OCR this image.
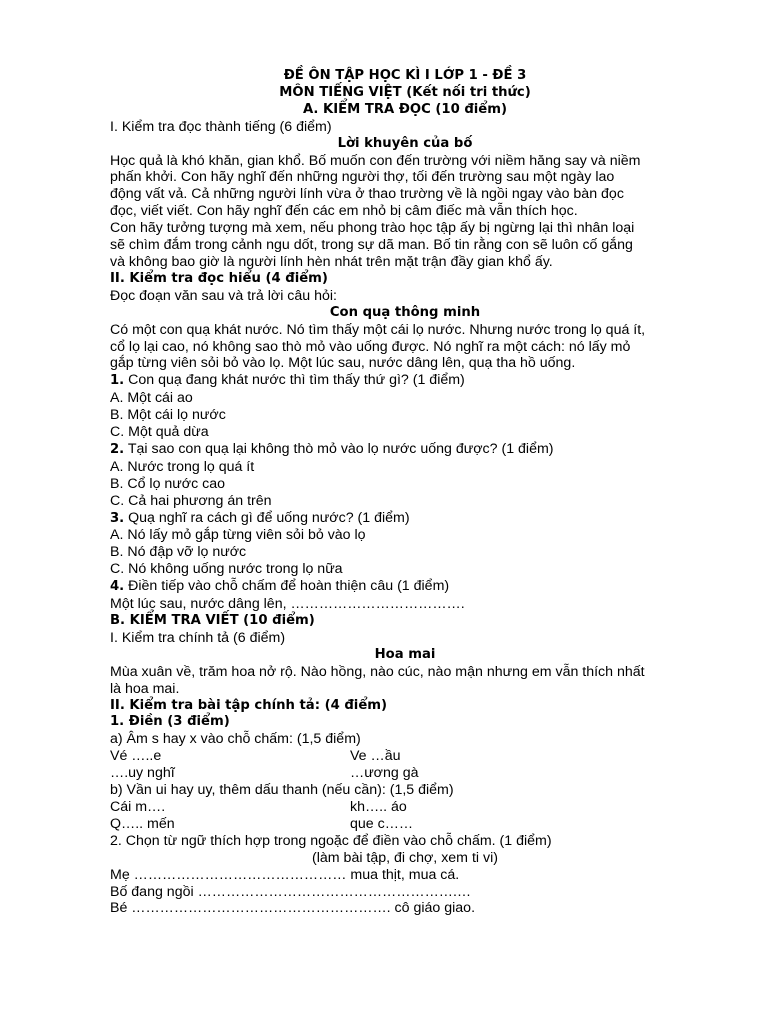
ĐỀ ÔN TẬP HỌC KÌ I LỚP 1 - ĐỀ 3
MÔN TIẾNG VIỆT (Kết nối tri thức)
A. KIỂM TRA ĐỌC (10 điểm)
I. Kiểm tra đọc thành tiếng (6 điểm)
Lời khuyên của bố
Học quả là khó khăn, gian khổ. Bố muốn con đến trường với niềm hăng say và niềm
phấn khởi. Con hãy nghĩ đến những người thợ, tối đến trường sau một ngày lao
động vất vả. Cả những người lính vừa ở thao trường về là ngồi ngay vào bàn đọc
đọc, viết viết. Con hãy nghĩ đến các em nhỏ bị câm điếc mà vẫn thích học.
Con hãy tưởng tượng mà xem, nếu phong trào học tập ấy bị ngừng lại thì nhân loại
sẽ chìm đắm trong cảnh ngu dốt, trong sự dã man. Bố tin rằng con sẽ luôn cố gắng
và không bao giờ là người lính hèn nhát trên mặt trận đầy gian khổ ấy.
II. Kiểm tra đọc hiểu (4 điểm)
Đọc đoạn văn sau và trả lời câu hỏi:
Con quạ thông minh
Có một con quạ khát nước. Nó tìm thấy một cái lọ nước. Nhưng nước trong lọ quá ít,
cổ lọ lại cao, nó không sao thò mỏ vào uống được. Nó nghĩ ra một cách: nó lấy mỏ
gắp từng viên sỏi bỏ vào lọ. Một lúc sau, nước dâng lên, quạ tha hồ uống.
1. Con quạ đang khát nước thì tìm thấy thứ gì? (1 điểm)
A. Một cái ao
B. Một cái lọ nước
C. Một quả dừa
2. Tại sao con quạ lại không thò mỏ vào lọ nước uống được? (1 điểm)
A. Nước trong lọ quá ít
B. Cổ lọ nước cao
C. Cả hai phương án trên
3. Quạ nghĩ ra cách gì để uống nước? (1 điểm)
A. Nó lấy mỏ gắp từng viên sỏi bỏ vào lọ
B. Nó đập vỡ lọ nước
C. Nó không uống nước trong lọ nữa
4. Điền tiếp vào chỗ chấm để hoàn thiện câu (1 điểm)
Một lúc sau, nước dâng lên, ……………………………….
B. KIỂM TRA VIẾT (10 điểm)
I. Kiểm tra chính tả (6 điểm)
Hoa mai
Mùa xuân về, trăm hoa nở rộ. Nào hồng, nào cúc, nào mận nhưng em vẫn thích nhất
là hoa mai.
II. Kiểm tra bài tập chính tả: (4 điểm)
1. Điền (3 điểm)
a) Âm s hay x vào chỗ chấm: (1,5 điểm)
Vé …..e	Ve …ầu
….uy nghĩ	…ương gà
b) Vần ui hay uy, thêm dấu thanh (nếu cần): (1,5 điểm)
Cái m….	kh….. áo
Q….. mến	que c……
2. Chọn từ ngữ thích hợp trong ngoặc để điền vào chỗ chấm. (1 điểm)
(làm bài tập, đi chợ, xem ti vi)
Mẹ ……………………………………… mua thịt, mua cá.
Bố đang ngồi ……………………………………………….…
Bé ………………………………………………. cô giáo giao.
